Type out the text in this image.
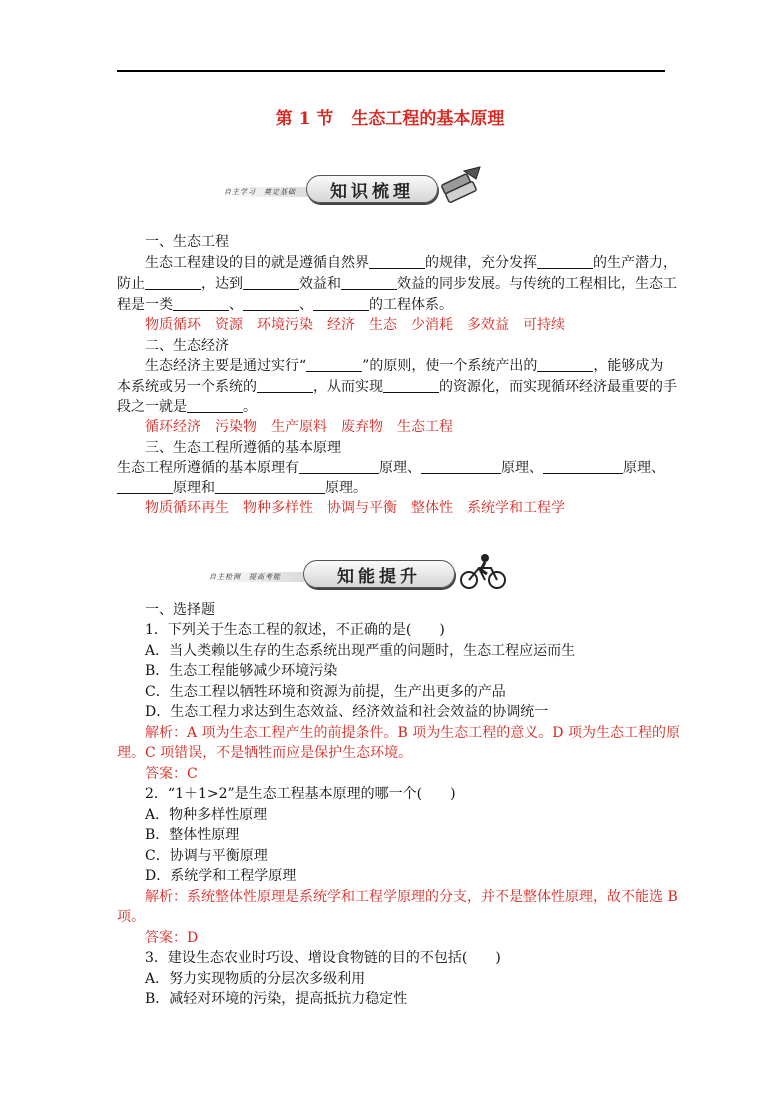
第 1 节 生态工程的基本原理
自主学习　奠定基础	知识梳理
一、生态工程
生态工程建设的目的就是遵循自然界	的规律，充分发挥	的生产潜力，
防止	，达到	效益和	效益的同步发展。与传统的工程相比，生态工
程是一类	、	、	的工程体系。
物质循环　资源　环境污染　经济　生态　少消耗　多效益　可持续
二、生态经济
生态经济主要是通过实行“	”的原则，使一个系统产出的	，能够成为
本系统或另一个系统的	，从而实现	的资源化，而实现循环经济最重要的手
段之一就是	。
循环经济　污染物　生产原料　废弃物　生态工程
三、生态工程所遵循的基本原理
生态工程所遵循的基本原理有	原理、	原理、	原理、
原理和	原理。
物质循环再生　物种多样性　协调与平衡　整体性　系统学和工程学
自主检测　提高考能	知能提升
一、选择题
1．下列关于生态工程的叙述，不正确的是(　　)
A．当人类赖以生存的生态系统出现严重的问题时，生态工程应运而生
B．生态工程能够减少环境污染
C．生态工程以牺牲环境和资源为前提，生产出更多的产品
D．生态工程力求达到生态效益、经济效益和社会效益的协调统一
解析：A 项为生态工程产生的前提条件。B 项为生态工程的意义。D 项为生态工程的原
理。C 项错误，不是牺牲而应是保护生态环境。
答案：C
2．“1＋1>2”是生态工程基本原理的哪一个(　　)
A．物种多样性原理
B．整体性原理
C．协调与平衡原理
D．系统学和工程学原理
解析：系统整体性原理是系统学和工程学原理的分支，并不是整体性原理，故不能选 B
项。
答案：D
3．建设生态农业时巧设、增设食物链的目的不包括(　　)
A．努力实现物质的分层次多级利用
B．减轻对环境的污染，提高抵抗力稳定性
